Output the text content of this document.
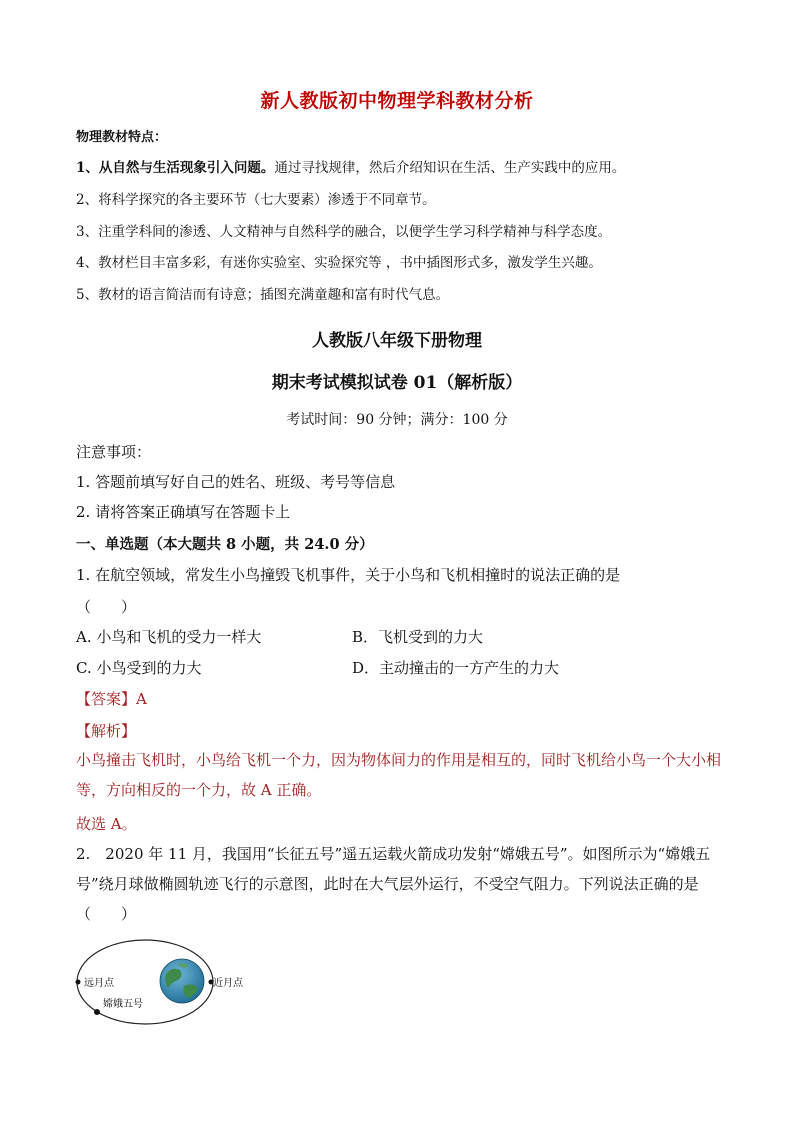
新人教版初中物理学科教材分析
物理教材特点：
1、从自然与生活现象引入问题。通过寻找规律，然后介绍知识在生活、生产实践中的应用。
2、将科学探究的各主要环节（七大要素）渗透于不同章节。
3、注重学科间的渗透、人文精神与自然科学的融合，以便学生学习科学精神与科学态度。
4、教材栏目丰富多彩，有迷你实验室、实验探究等 ，书中插图形式多，激发学生兴趣。
5、教材的语言简洁而有诗意；插图充满童趣和富有时代气息。
人教版八年级下册物理
期末考试模拟试卷 01（解析版）
考试时间：90 分钟；满分：100 分
注意事项：
1. 答题前填写好自己的姓名、班级、考号等信息
2. 请将答案正确填写在答题卡上
一、单选题（本大题共 8 小题，共 24.0 分）
1. 在航空领域，常发生小鸟撞毁飞机事件，关于小鸟和飞机相撞时的说法正确的是
（　　）
A. 小鸟和飞机的受力一样大	B．飞机受到的力大
C. 小鸟受到的力大	D．主动撞击的一方产生的力大
【答案】A
【解析】
小鸟撞击飞机时，小鸟给飞机一个力，因为物体间力的作用是相互的，同时飞机给小鸟一个大小相等，方向相反的一个力，故 A 正确。
故选 A。
2.　2020 年 11 月，我国用“长征五号”遥五运载火箭成功发射“嫦娥五号”。如图所示为“嫦娥五号”绕月球做椭圆轨迹飞行的示意图，此时在大气层外运行，不受空气阻力。下列说法正确的是（　　）
远月点	近月点
嫦娥五号
